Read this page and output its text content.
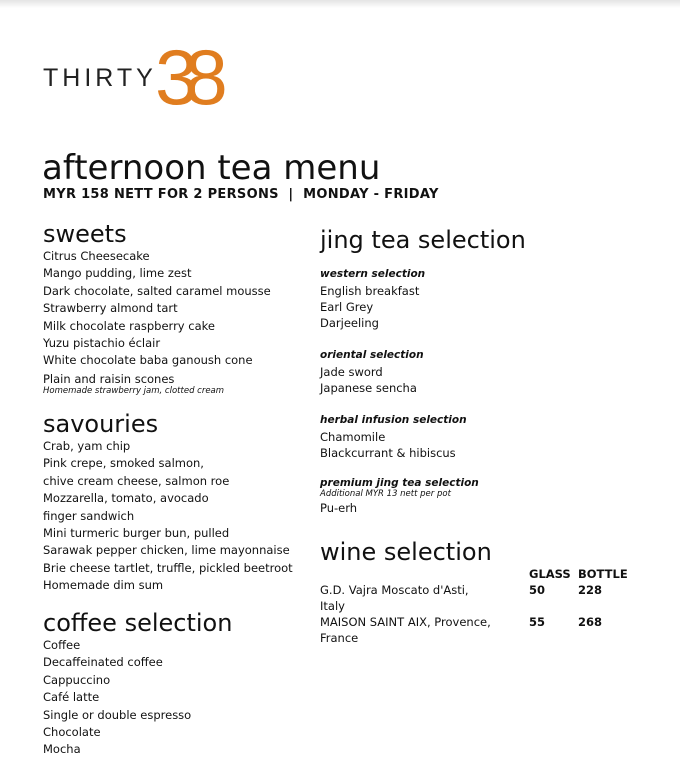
THIRTY
38
afternoon tea menu
MYR 158 NETT FOR 2 PERSONS  |  MONDAY - FRIDAY
sweets
Citrus Cheesecake
Mango pudding, lime zest
Dark chocolate, salted caramel mousse
Strawberry almond tart
Milk chocolate raspberry cake
Yuzu pistachio éclair
White chocolate baba ganoush cone
Plain and raisin scones
Homemade strawberry jam, clotted cream
savouries
Crab, yam chip
Pink crepe, smoked salmon,
chive cream cheese, salmon roe
Mozzarella, tomato, avocado
finger sandwich
Mini turmeric burger bun, pulled
Sarawak pepper chicken, lime mayonnaise
Brie cheese tartlet, truffle, pickled beetroot
Homemade dim sum
coffee selection
Coffee
Decaffeinated coffee
Cappuccino
Café latte
Single or double espresso
Chocolate
Mocha
jing tea selection
western selection
English breakfast
Earl Grey
Darjeeling
oriental selection
Jade sword
Japanese sencha
herbal infusion selection
Chamomile
Blackcurrant & hibiscus
premium jing tea selection
Additional MYR 13 nett per pot
Pu-erh
wine selection
GLASS BOTTLE
G.D. Vajra Moscato d'Asti,
Italy
50	228
MAISON SAINT AIX, Provence,
France
55	268
